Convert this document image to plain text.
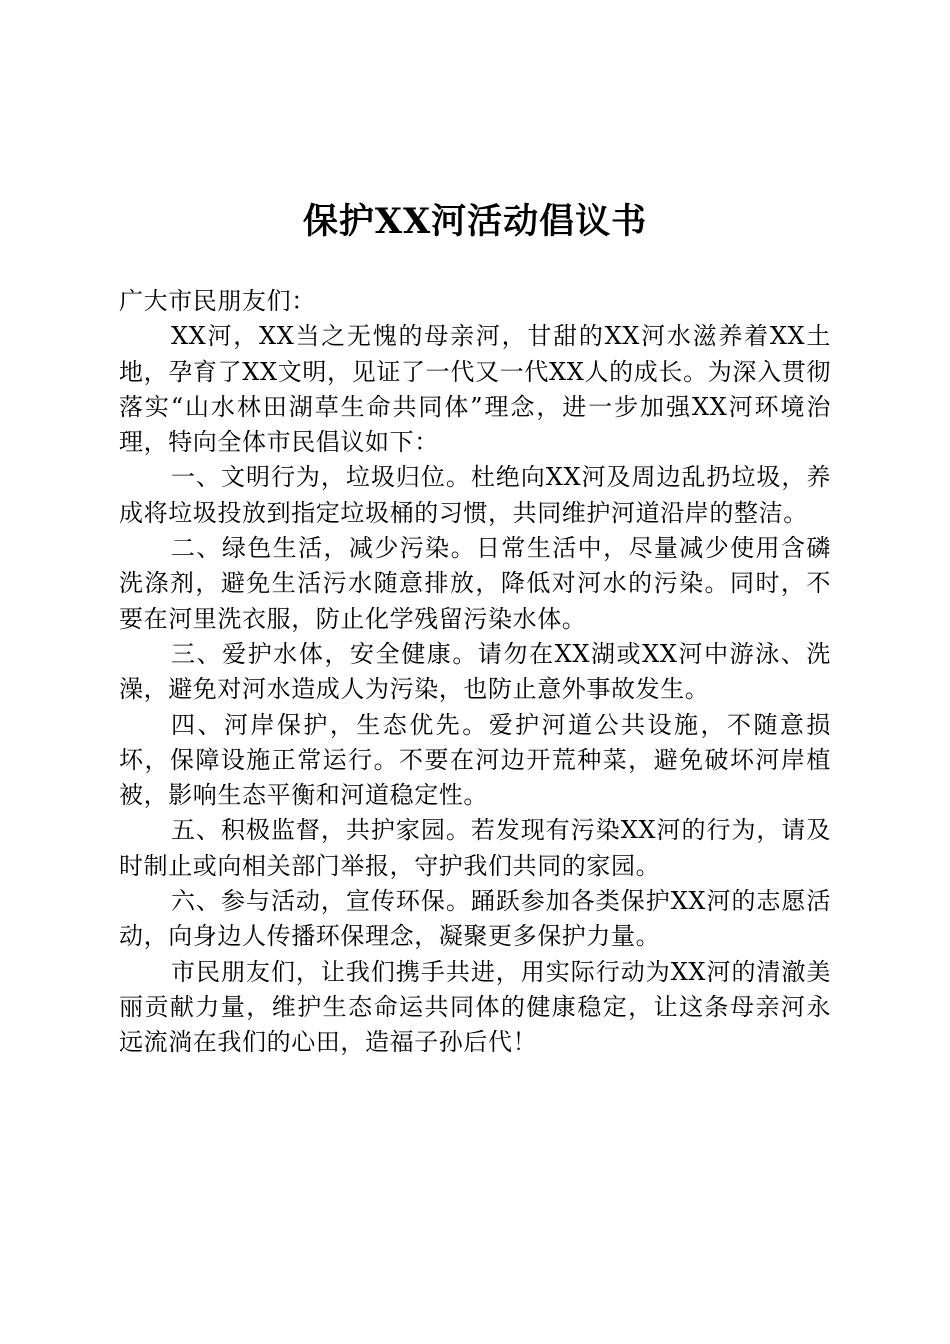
保护XX河活动倡议书

广大市民朋友们：

XX河，XX当之无愧的母亲河，甘甜的XX河水滋养着XX土地，孕育了XX文明，见证了一代又一代XX人的成长。为深入贯彻落实“山水林田湖草生命共同体”理念，进一步加强XX河环境治理，特向全体市民倡议如下：

一、文明行为，垃圾归位。杜绝向XX河及周边乱扔垃圾，养成将垃圾投放到指定垃圾桶的习惯，共同维护河道沿岸的整洁。

二、绿色生活，减少污染。日常生活中，尽量减少使用含磷洗涤剂，避免生活污水随意排放，降低对河水的污染。同时，不要在河里洗衣服，防止化学残留污染水体。

三、爱护水体，安全健康。请勿在XX湖或XX河中游泳、洗澡，避免对河水造成人为污染，也防止意外事故发生。

四、河岸保护，生态优先。爱护河道公共设施，不随意损坏，保障设施正常运行。不要在河边开荒种菜，避免破坏河岸植被，影响生态平衡和河道稳定性。

五、积极监督，共护家园。若发现有污染XX河的行为，请及时制止或向相关部门举报，守护我们共同的家园。

六、参与活动，宣传环保。踊跃参加各类保护XX河的志愿活动，向身边人传播环保理念，凝聚更多保护力量。

市民朋友们，让我们携手共进，用实际行动为XX河的清澈美丽贡献力量，维护生态命运共同体的健康稳定，让这条母亲河永远流淌在我们的心田，造福子孙后代！
